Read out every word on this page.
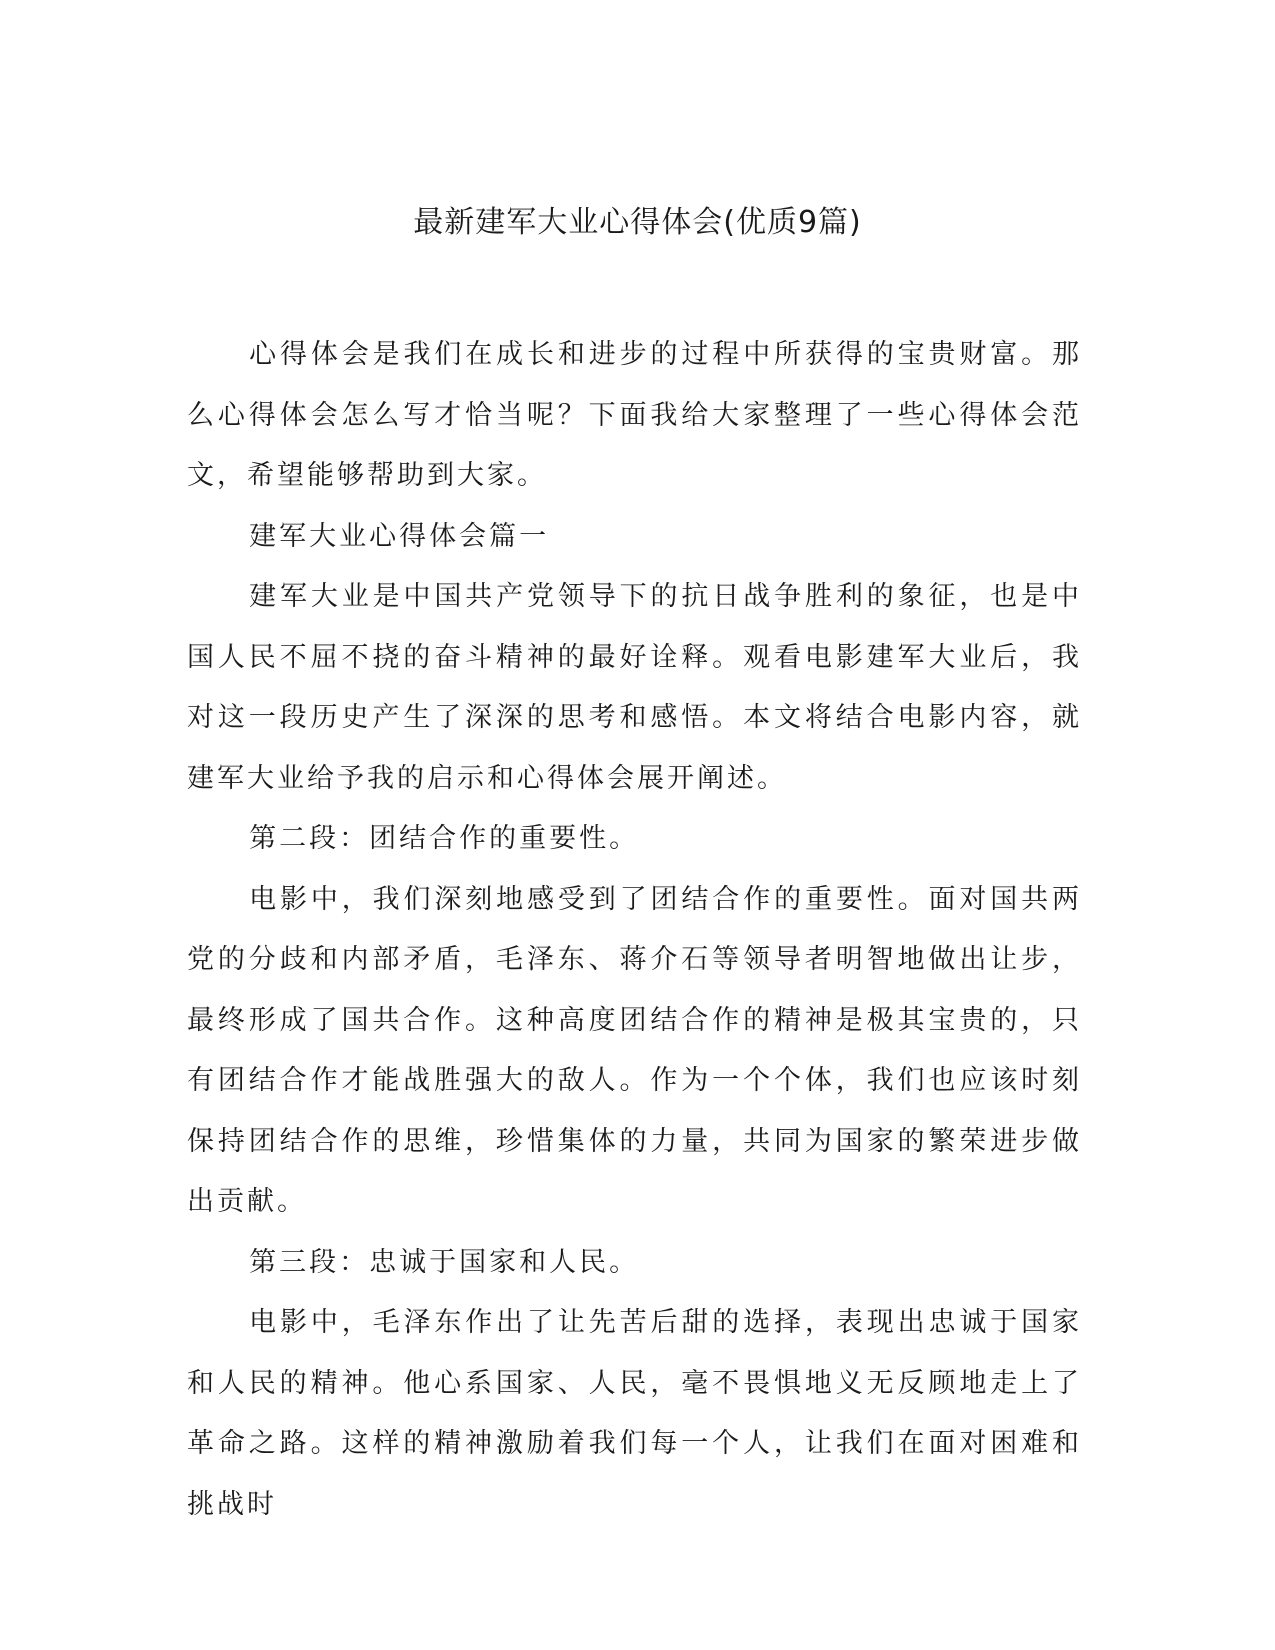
最新建军大业心得体会(优质9篇)

心得体会是我们在成长和进步的过程中所获得的宝贵财富。那么心得体会怎么写才恰当呢？下面我给大家整理了一些心得体会范文，希望能够帮助到大家。

建军大业心得体会篇一

建军大业是中国共产党领导下的抗日战争胜利的象征，也是中国人民不屈不挠的奋斗精神的最好诠释。观看电影建军大业后，我对这一段历史产生了深深的思考和感悟。本文将结合电影内容，就建军大业给予我的启示和心得体会展开阐述。

第二段：团结合作的重要性。

电影中，我们深刻地感受到了团结合作的重要性。面对国共两党的分歧和内部矛盾，毛泽东、蒋介石等领导者明智地做出让步，最终形成了国共合作。这种高度团结合作的精神是极其宝贵的，只有团结合作才能战胜强大的敌人。作为一个个体，我们也应该时刻保持团结合作的思维，珍惜集体的力量，共同为国家的繁荣进步做出贡献。

第三段：忠诚于国家和人民。

电影中，毛泽东作出了让先苦后甜的选择，表现出忠诚于国家和人民的精神。他心系国家、人民，毫不畏惧地义无反顾地走上了革命之路。这样的精神激励着我们每一个人，让我们在面对困难和挑战时
